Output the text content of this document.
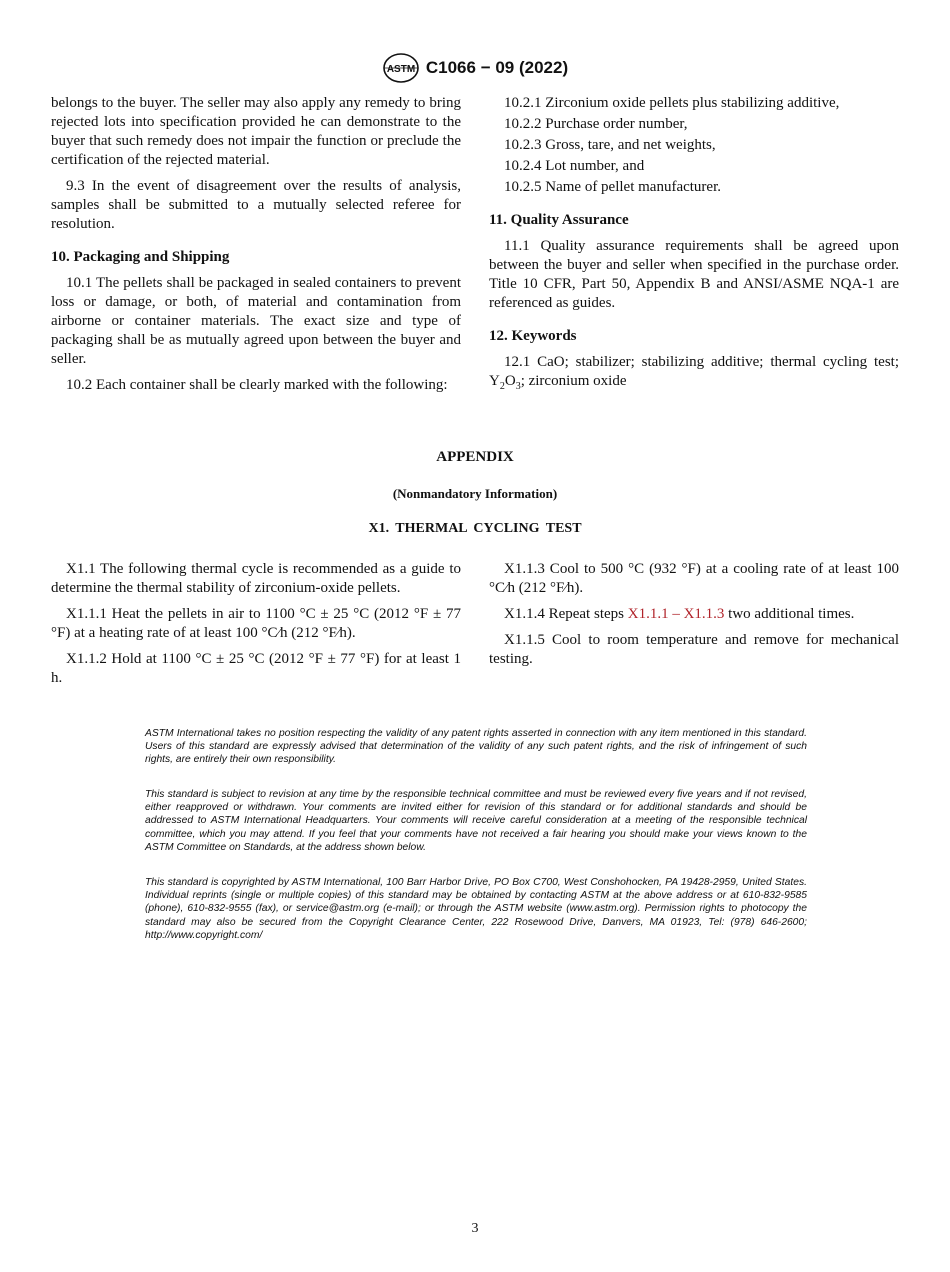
ASTM C1066 − 09 (2022)

belongs to the buyer. The seller may also apply any remedy to bring rejected lots into specification provided he can demonstrate to the buyer that such remedy does not impair the function or preclude the certification of the rejected material.

9.3 In the event of disagreement over the results of analysis, samples shall be submitted to a mutually selected referee for resolution.

10. Packaging and Shipping

10.1 The pellets shall be packaged in sealed containers to prevent loss or damage, or both, of material and contamination from airborne or container materials. The exact size and type of packaging shall be as mutually agreed upon between the buyer and seller.

10.2 Each container shall be clearly marked with the following:

10.2.1 Zirconium oxide pellets plus stabilizing additive,

10.2.2 Purchase order number,

10.2.3 Gross, tare, and net weights,

10.2.4 Lot number, and

10.2.5 Name of pellet manufacturer.

11. Quality Assurance

11.1 Quality assurance requirements shall be agreed upon between the buyer and seller when specified in the purchase order. Title 10 CFR, Part 50, Appendix B and ANSI/ASME NQA-1 are referenced as guides.

12. Keywords

12.1 CaO; stabilizer; stabilizing additive; thermal cycling test; $Y_2O_3$; zirconium oxide

APPENDIX
(Nonmandatory Information)
X1. THERMAL CYCLING TEST

X1.1 The following thermal cycle is recommended as a guide to determine the thermal stability of zirconium-oxide pellets.

X1.1.1 Heat the pellets in air to 1100 °C ± 25 °C (2012 °F ± 77 °F) at a heating rate of at least 100 °C⁄h (212 °F⁄h).

X1.1.2 Hold at 1100 °C ± 25 °C (2012 °F ± 77 °F) for at least 1 h.

X1.1.3 Cool to 500 °C (932 °F) at a cooling rate of at least 100 °C⁄h (212 °F⁄h).

X1.1.4 Repeat steps X1.1.1 – X1.1.3 two additional times.

X1.1.5 Cool to room temperature and remove for mechanical testing.

ASTM International takes no position respecting the validity of any patent rights asserted in connection with any item mentioned in this standard. Users of this standard are expressly advised that determination of the validity of any such patent rights, and the risk of infringement of such rights, are entirely their own responsibility.
This standard is subject to revision at any time by the responsible technical committee and must be reviewed every five years and if not revised, either reapproved or withdrawn. Your comments are invited either for revision of this standard or for additional standards and should be addressed to ASTM International Headquarters. Your comments will receive careful consideration at a meeting of the responsible technical committee, which you may attend. If you feel that your comments have not received a fair hearing you should make your views known to the ASTM Committee on Standards, at the address shown below.
This standard is copyrighted by ASTM International, 100 Barr Harbor Drive, PO Box C700, West Conshohocken, PA 19428-2959, United States. Individual reprints (single or multiple copies) of this standard may be obtained by contacting ASTM at the above address or at 610-832-9585 (phone), 610-832-9555 (fax), or service@astm.org (e-mail); or through the ASTM website (www.astm.org). Permission rights to photocopy the standard may also be secured from the Copyright Clearance Center, 222 Rosewood Drive, Danvers, MA 01923, Tel: (978) 646-2600; http://www.copyright.com/
3
